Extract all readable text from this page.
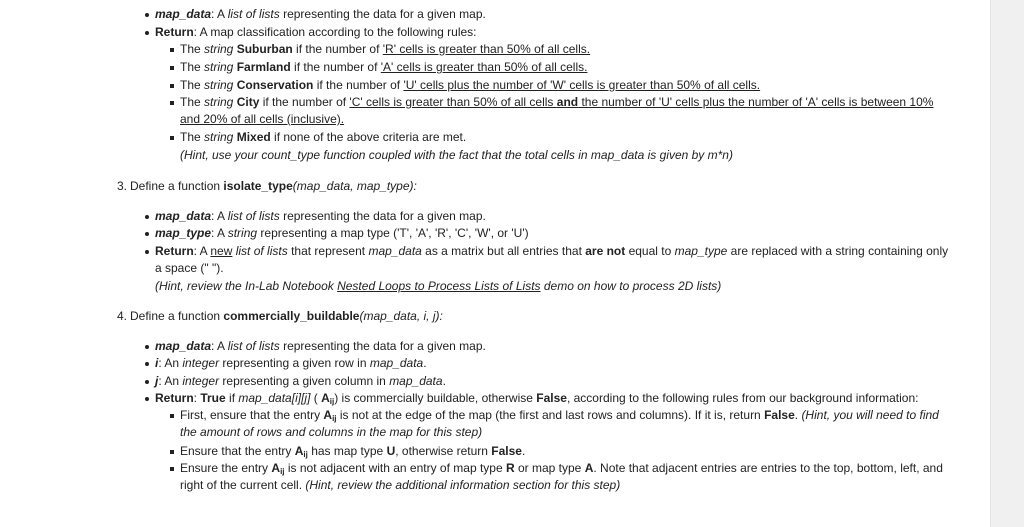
map_data: A list of lists representing the data for a given map.
Return: A map classification according to the following rules:
The string Suburban if the number of 'R' cells is greater than 50% of all cells.
The string Farmland if the number of 'A' cells is greater than 50% of all cells.
The string Conservation if the number of 'U' cells plus the number of 'W' cells is greater than 50% of all cells.
The string City if the number of 'C' cells is greater than 50% of all cells and the number of 'U' cells plus the number of 'A' cells is between 10%
and 20% of all cells (inclusive).
The string Mixed if none of the above criteria are met.
(Hint, use your count_type function coupled with the fact that the total cells in map_data is given by m*n)
3. Define a function isolate_type(map_data, map_type):
map_data: A list of lists representing the data for a given map.
map_type: A string representing a map type ('T', 'A', 'R', 'C', 'W', or 'U')
Return: A new list of lists that represent map_data as a matrix but all entries that are not equal to map_type are replaced with a string containing only
a space (" ").
(Hint, review the In-Lab Notebook Nested Loops to Process Lists of Lists demo on how to process 2D lists)
4. Define a function commercially_buildable(map_data, i, j):
map_data: A list of lists representing the data for a given map.
i: An integer representing a given row in map_data.
j: An integer representing a given column in map_data.
Return: True if map_data[i][j] ( $A_{ij}$) is commercially buildable, otherwise False, according to the following rules from our background information:
First, ensure that the entry $A_{ij}$ is not at the edge of the map (the first and last rows and columns). If it is, return False. (Hint, you will need to find
the amount of rows and columns in the map for this step)
Ensure that the entry $A_{ij}$ has map type U, otherwise return False.
Ensure the entry $A_{ij}$ is not adjacent with an entry of map type R or map type A. Note that adjacent entries are entries to the top, bottom, left, and
right of the current cell. (Hint, review the additional information section for this step)
